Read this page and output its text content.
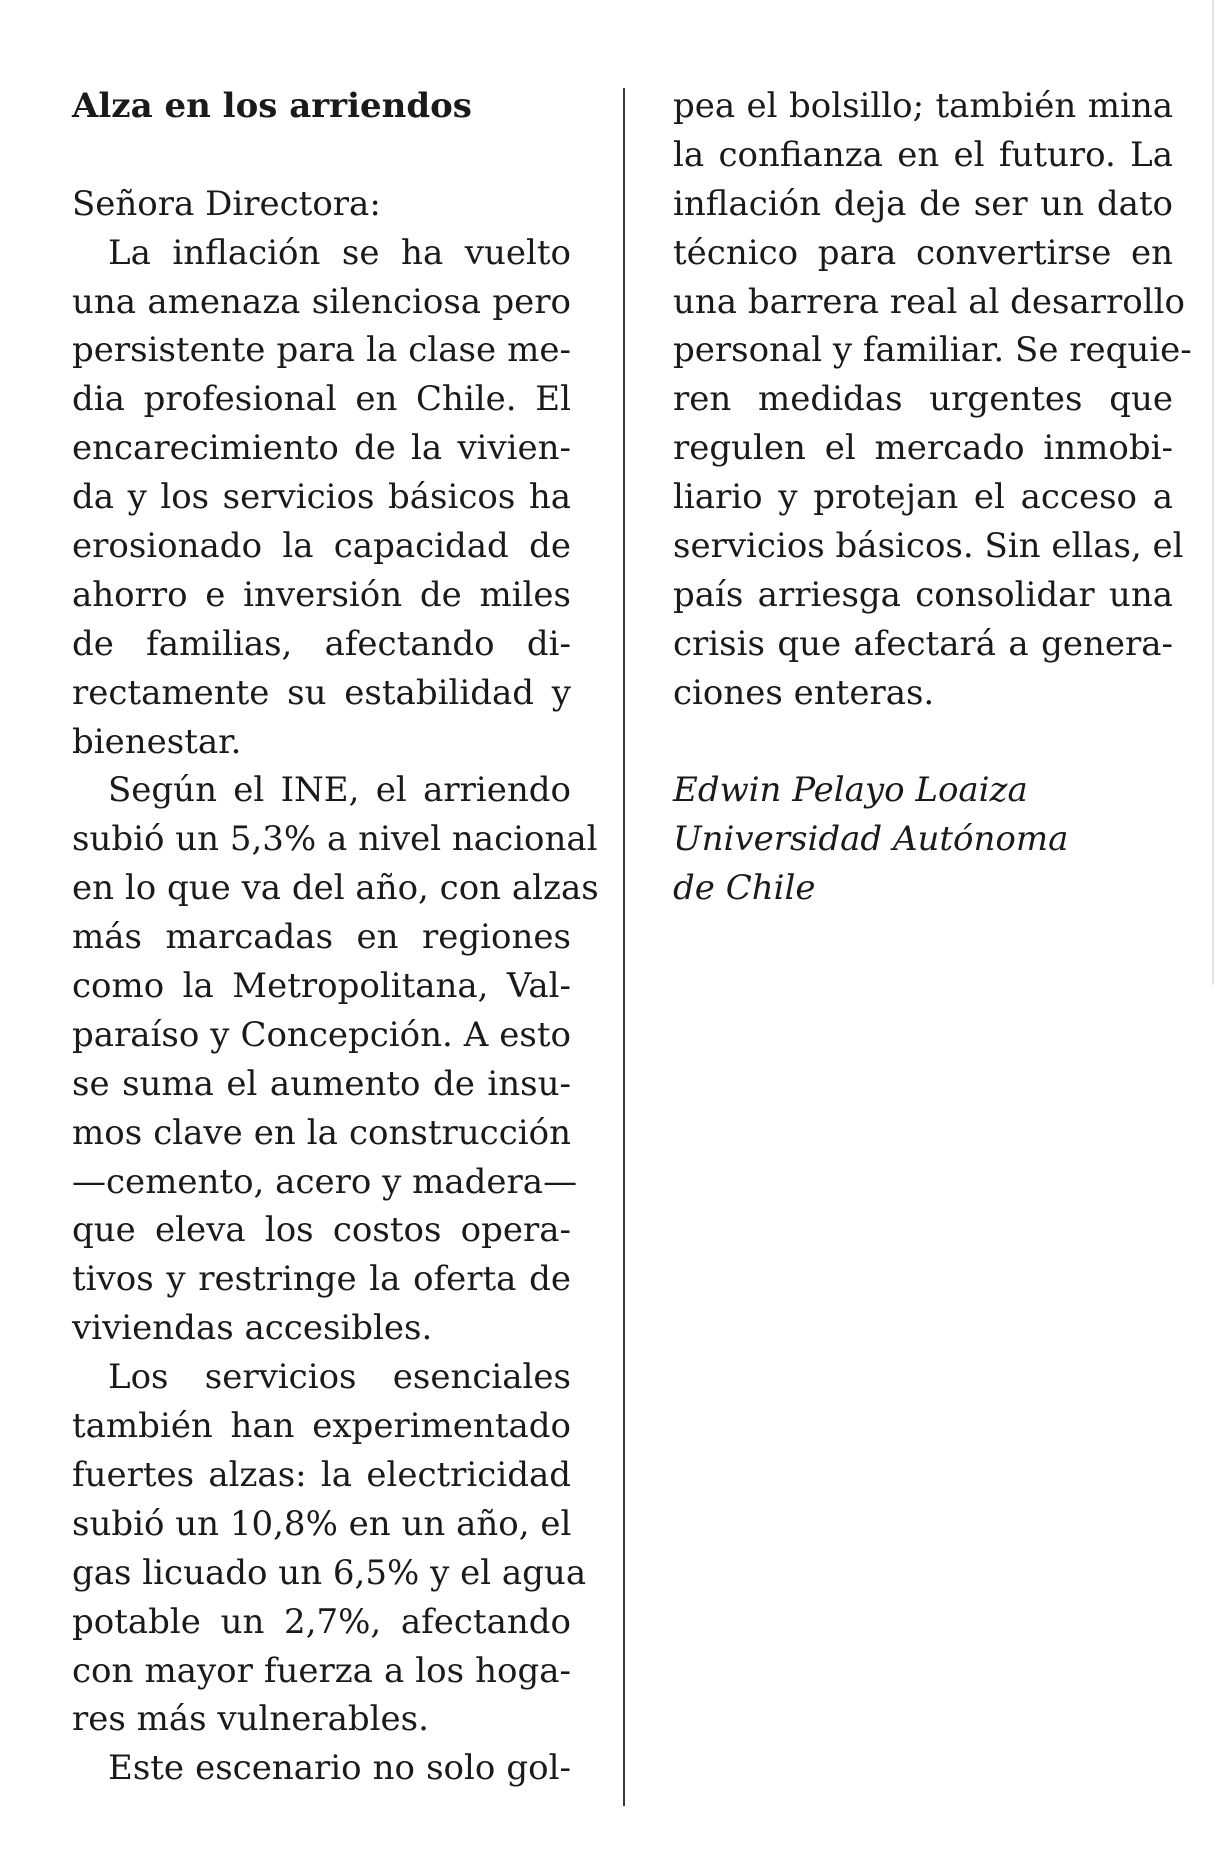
Alza en los arriendos
Señora Directora:
La inflación se ha vuelto
una amenaza silenciosa pero
persistente para la clase me-
dia profesional en Chile. El
encarecimiento de la vivien-
da y los servicios básicos ha
erosionado la capacidad de
ahorro e inversión de miles
de familias, afectando di-
rectamente su estabilidad y
bienestar.
Según el INE, el arriendo
subió un 5,3% a nivel nacional
en lo que va del año, con alzas
más marcadas en regiones
como la Metropolitana, Val-
paraíso y Concepción. A esto
se suma el aumento de insu-
mos clave en la construcción
—cemento, acero y madera—
que eleva los costos opera-
tivos y restringe la oferta de
viviendas accesibles.
Los servicios esenciales
también han experimentado
fuertes alzas: la electricidad
subió un 10,8% en un año, el
gas licuado un 6,5% y el agua
potable un 2,7%, afectando
con mayor fuerza a los hoga-
res más vulnerables.
Este escenario no solo gol-
pea el bolsillo; también mina
la confianza en el futuro. La
inflación deja de ser un dato
técnico para convertirse en
una barrera real al desarrollo
personal y familiar. Se requie-
ren medidas urgentes que
regulen el mercado inmobi-
liario y protejan el acceso a
servicios básicos. Sin ellas, el
país arriesga consolidar una
crisis que afectará a genera-
ciones enteras.
Edwin Pelayo Loaiza
Universidad Autónoma
de Chile
